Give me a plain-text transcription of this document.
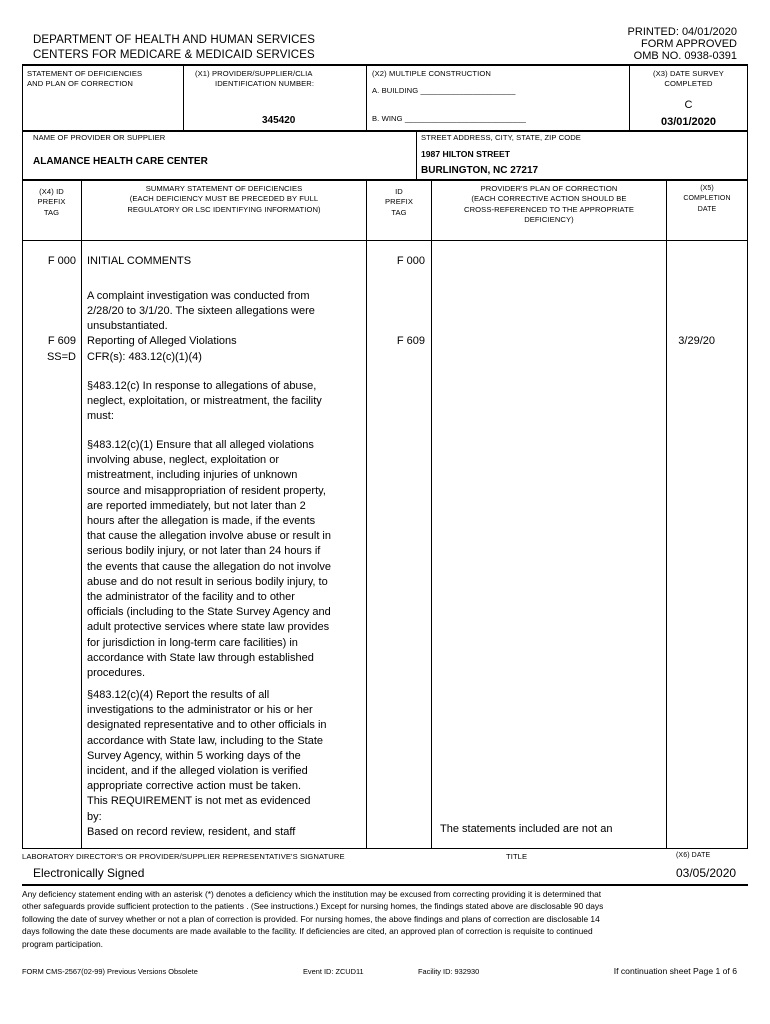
PRINTED: 04/01/2020
FORM APPROVED
OMB NO. 0938-0391
DEPARTMENT OF HEALTH AND HUMAN SERVICES
CENTERS FOR MEDICARE & MEDICAID SERVICES
STATEMENT OF DEFICIENCIES
AND PLAN OF CORRECTION
(X1) PROVIDER/SUPPLIER/CLIA
IDENTIFICATION NUMBER:
345420
(X2) MULTIPLE CONSTRUCTION
A. BUILDING ______________________
B. WING ____________________________
(X3) DATE SURVEY
COMPLETED
C
03/01/2020
NAME OF PROVIDER OR SUPPLIER
ALAMANCE HEALTH CARE CENTER
STREET ADDRESS, CITY, STATE, ZIP CODE
1987 HILTON STREET
BURLINGTON, NC 27217
(X4) ID
PREFIX
TAG
SUMMARY STATEMENT OF DEFICIENCIES
(EACH DEFICIENCY MUST BE PRECEDED BY FULL
REGULATORY OR LSC IDENTIFYING INFORMATION)
ID
PREFIX
TAG
PROVIDER'S PLAN OF CORRECTION
(EACH CORRECTIVE ACTION SHOULD BE
CROSS-REFERENCED TO THE APPROPRIATE
DEFICIENCY)
(X5)
COMPLETION
DATE
F 000 INITIAL COMMENTS	F 000

A complaint investigation was conducted from
2/28/20 to 3/1/20. The sixteen allegations were
unsubstantiated.

F 609
SS=D
Reporting of Alleged Violations
CFR(s): 483.12(c)(1)(4)
F 609	3/29/20

§483.12(c) In response to allegations of abuse,
neglect, exploitation, or mistreatment, the facility
must:

§483.12(c)(1) Ensure that all alleged violations
involving abuse, neglect, exploitation or
mistreatment, including injuries of unknown
source and misappropriation of resident property,
are reported immediately, but not later than 2
hours after the allegation is made, if the events
that cause the allegation involve abuse or result in
serious bodily injury, or not later than 24 hours if
the events that cause the allegation do not involve
abuse and do not result in serious bodily injury, to
the administrator of the facility and to other
officials (including to the State Survey Agency and
adult protective services where state law provides
for jurisdiction in long-term care facilities) in
accordance with State law through established
procedures.

§483.12(c)(4) Report the results of all
investigations to the administrator or his or her
designated representative and to other officials in
accordance with State law, including to the State
Survey Agency, within 5 working days of the
incident, and if the alleged violation is verified
appropriate corrective action must be taken.
This REQUIREMENT is not met as evidenced
by:
Based on record review, resident, and staff	The statements included are not an
LABORATORY DIRECTOR'S OR PROVIDER/SUPPLIER REPRESENTATIVE'S SIGNATURE	TITLE	(X6) DATE
Electronically Signed	03/05/2020

Any deficiency statement ending with an asterisk (*) denotes a deficiency which the institution may be excused from correcting providing it is determined that
other safeguards provide sufficient protection to the patients . (See instructions.) Except for nursing homes, the findings stated above are disclosable 90 days
following the date of survey whether or not a plan of correction is provided. For nursing homes, the above findings and plans of correction are disclosable 14
days following the date these documents are made available to the facility. If deficiencies are cited, an approved plan of correction is requisite to continued
program participation.

FORM CMS-2567(02-99) Previous Versions Obsolete	Event ID: ZCUD11	Facility ID: 932930	If continuation sheet Page 1 of 6
